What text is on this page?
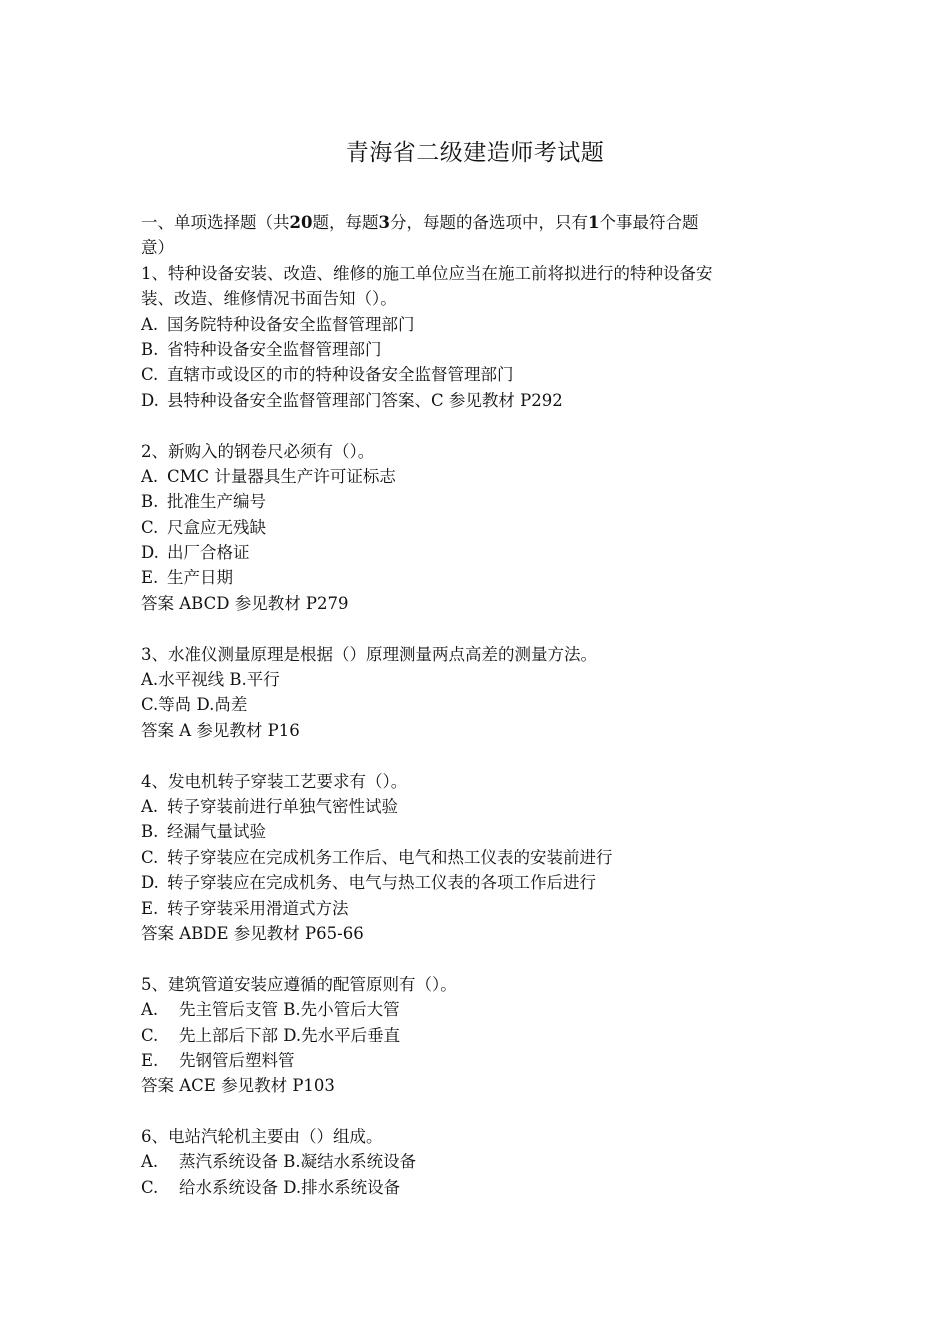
青海省二级建造师考试题
一、单项选择题（共20题，每题3分，每题的备选项中，只有1个事最符合题
意）
1、特种设备安装、改造、维修的施工单位应当在施工前将拟进行的特种设备安
装、改造、维修情况书面告知（）。
A. 国务院特种设备安全监督管理部门
B. 省特种设备安全监督管理部门
C. 直辖市或设区的市的特种设备安全监督管理部门
D. 县特种设备安全监督管理部门答案、C 参见教材 P292
2、新购入的钢卷尺必须有（）。
A. CMC 计量器具生产许可证标志
B. 批准生产编号
C. 尺盒应无残缺
D. 出厂合格证
E. 生产日期
答案 ABCD 参见教材 P279
3、水准仪测量原理是根据（）原理测量两点高差的测量方法。
A.水平视线 B.平行
C.等咼 D.咼差
答案 A 参见教材 P16
4、发电机转子穿装工艺要求有（）。
A. 转子穿装前进行单独气密性试验
B. 经漏气量试验
C. 转子穿装应在完成机务工作后、电气和热工仪表的安装前进行
D. 转子穿装应在完成机务、电气与热工仪表的各项工作后进行
E. 转子穿装采用滑道式方法
答案 ABDE 参见教材 P65-66
5、建筑管道安装应遵循的配管原则有（）。
A. 先主管后支管 B.先小管后大管
C. 先上部后下部 D.先水平后垂直
E. 先钢管后塑料管
答案 ACE 参见教材 P103
6、电站汽轮机主要由（）组成。
A. 蒸汽系统设备 B.凝结水系统设备
C. 给水系统设备 D.排水系统设备
